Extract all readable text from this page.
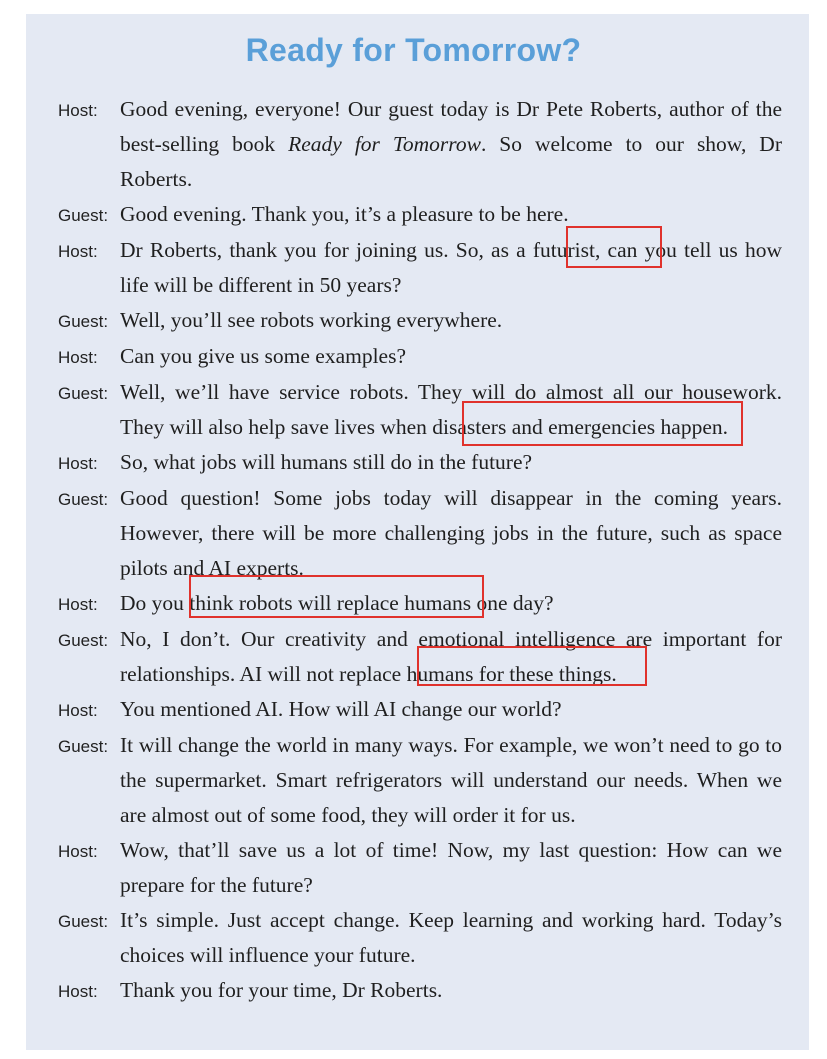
Ready for Tomorrow?
Host:	Good evening, everyone! Our guest today is Dr Pete Roberts, author of the best-selling book Ready for Tomorrow. So welcome to our show, Dr Roberts.
Guest: Good evening. Thank you, it’s a pleasure to be here.
Host:	Dr Roberts, thank you for joining us. So, as a futurist, can you tell us how life will be different in 50 years?
Guest: Well, you’ll see robots working everywhere.
Host:	Can you give us some examples?
Guest: Well, we’ll have service robots. They will do almost all our housework. They will also help save lives when disasters and emergencies happen.
Host:	So, what jobs will humans still do in the future?
Guest: Good question! Some jobs today will disappear in the coming years. However, there will be more challenging jobs in the future, such as space pilots and AI experts.
Host:	Do you think robots will replace humans one day?
Guest: No, I don’t. Our creativity and emotional intelligence are important for relationships. AI will not replace humans for these things.
Host:	You mentioned AI. How will AI change our world?
Guest: It will change the world in many ways. For example, we won’t need to go to the supermarket. Smart refrigerators will understand our needs. When we are almost out of some food, they will order it for us.
Host:	Wow, that’ll save us a lot of time! Now, my last question: How can we prepare for the future?
Guest: It’s simple. Just accept change. Keep learning and working hard. Today’s choices will influence your future.
Host:	Thank you for your time, Dr Roberts.
